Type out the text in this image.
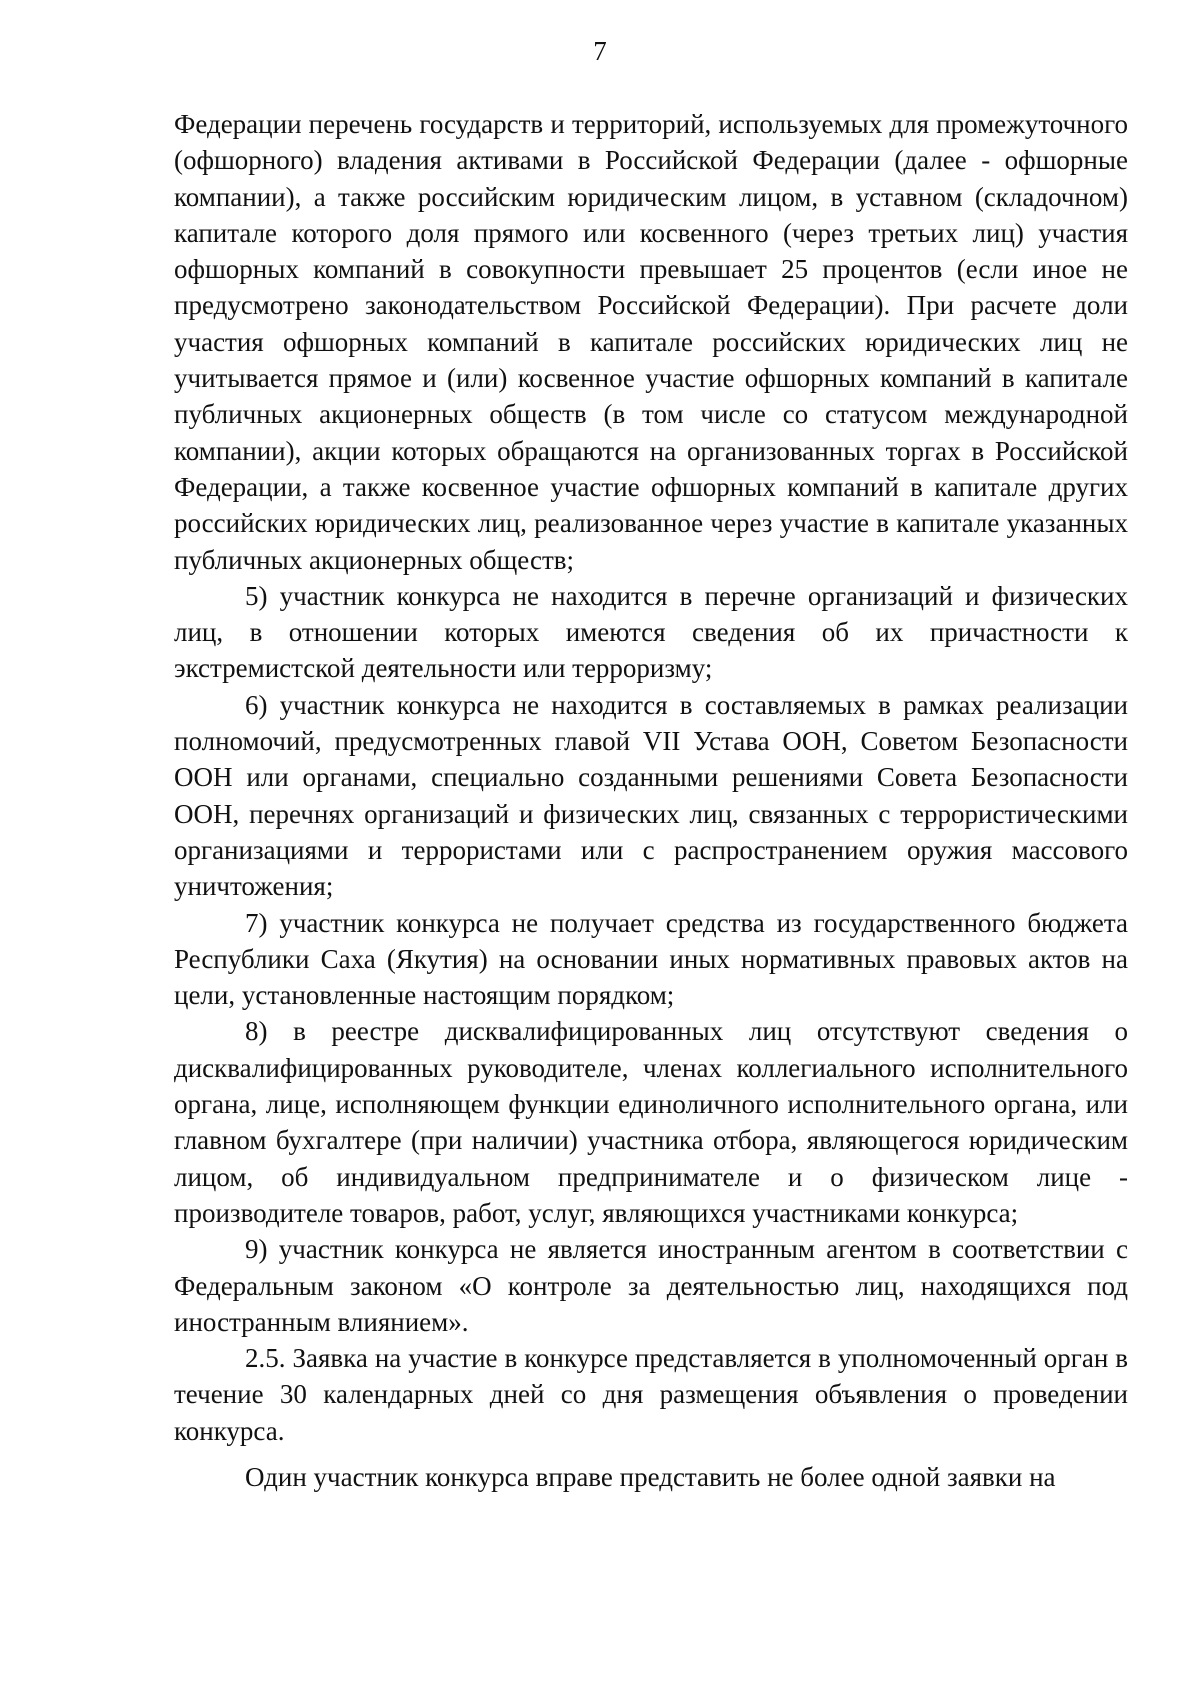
7

Федерации перечень государств и территорий, используемых для промежуточного (офшорного) владения активами в Российской Федерации (далее - офшорные компании), а также российским юридическим лицом, в уставном (складочном) капитале которого доля прямого или косвенного (через третьих лиц) участия офшорных компаний в совокупности превышает 25 процентов (если иное не предусмотрено законодательством Российской Федерации). При расчете доли участия офшорных компаний в капитале российских юридических лиц не учитывается прямое и (или) косвенное участие офшорных компаний в капитале публичных акционерных обществ (в том числе со статусом международной компании), акции которых обращаются на организованных торгах в Российской Федерации, а также косвенное участие офшорных компаний в капитале других российских юридических лиц, реализованное через участие в капитале указанных публичных акционерных обществ;

5) участник конкурса не находится в перечне организаций и физических лиц, в отношении которых имеются сведения об их причастности к экстремистской деятельности или терроризму;

6) участник конкурса не находится в составляемых в рамках реализации полномочий, предусмотренных главой VII Устава ООН, Советом Безопасности ООН или органами, специально созданными решениями Совета Безопасности ООН, перечнях организаций и физических лиц, связанных с террористическими организациями и террористами или с распространением оружия массового уничтожения;

7) участник конкурса не получает средства из государственного бюджета Республики Саха (Якутия) на основании иных нормативных правовых актов на цели, установленные настоящим порядком;

8) в реестре дисквалифицированных лиц отсутствуют сведения о дисквалифицированных руководителе, членах коллегиального исполнительного органа, лице, исполняющем функции единоличного исполнительного органа, или главном бухгалтере (при наличии) участника отбора, являющегося юридическим лицом, об индивидуальном предпринимателе и о физическом лице - производителе товаров, работ, услуг, являющихся участниками конкурса;

9) участник конкурса не является иностранным агентом в соответствии с Федеральным законом «О контроле за деятельностью лиц, находящихся под иностранным влиянием».

2.5. Заявка на участие в конкурсе представляется в уполномоченный орган в течение 30 календарных дней со дня размещения объявления о проведении конкурса.

Один участник конкурса вправе представить не более одной заявки на
